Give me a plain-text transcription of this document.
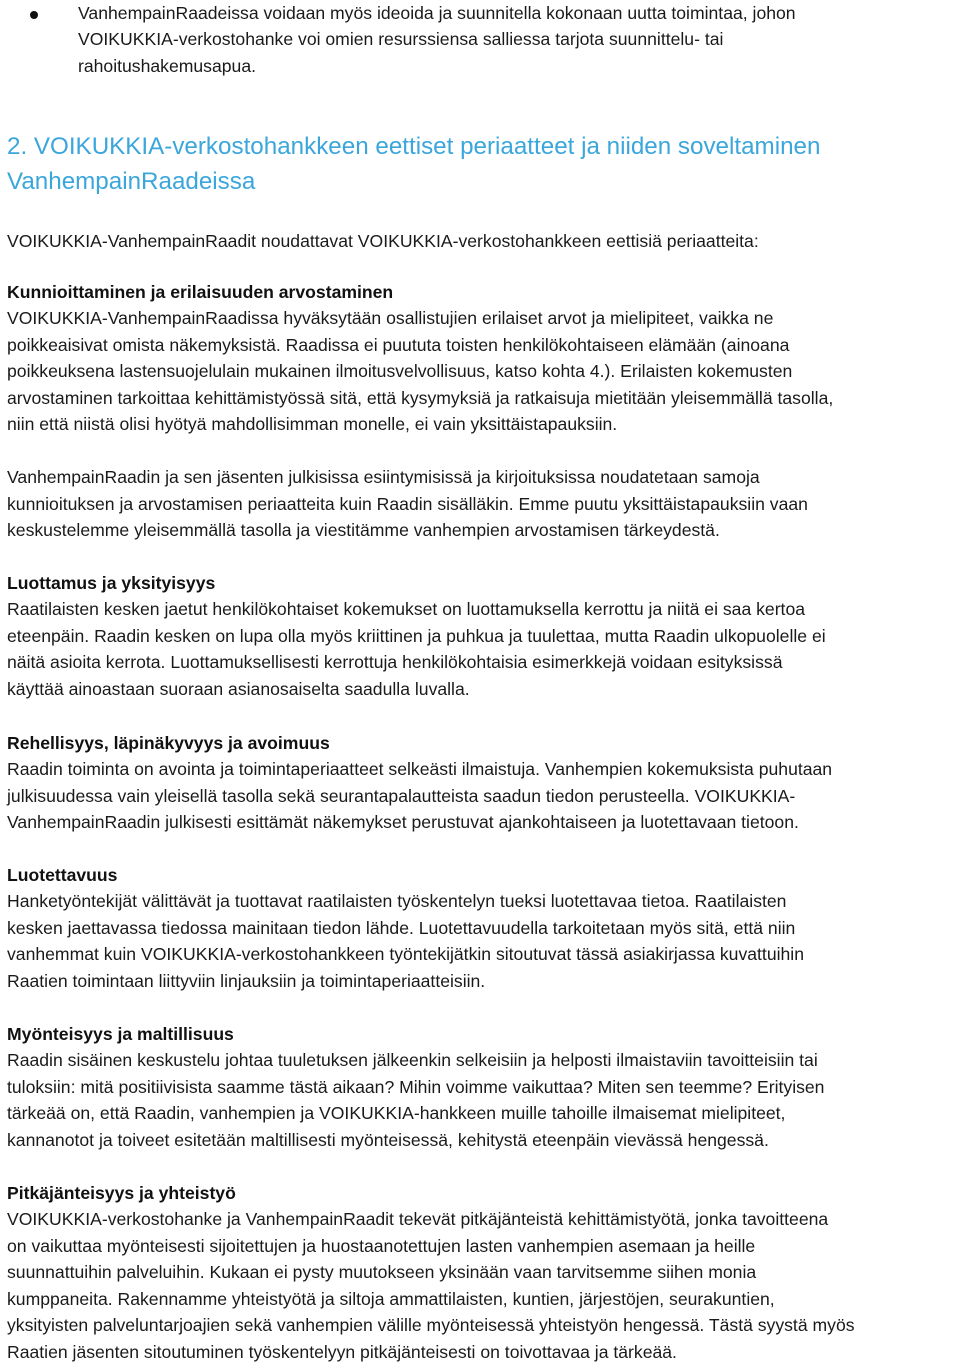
VanhempainRaadeissa voidaan myös ideoida ja suunnitella kokonaan uutta toimintaa, johon
VOIKUKKIA-verkostohanke voi omien resurssiensa salliessa tarjota suunnittelu- tai
rahoitushakemusapua.
2. VOIKUKKIA-verkostohankkeen eettiset periaatteet ja niiden soveltaminen
VanhempainRaadeissa
VOIKUKKIA-VanhempainRaadit noudattavat VOIKUKKIA-verkostohankkeen eettisiä periaatteita:
Kunnioittaminen ja erilaisuuden arvostaminen
VOIKUKKIA-VanhempainRaadissa hyväksytään osallistujien erilaiset arvot ja mielipiteet, vaikka ne
poikkeaisivat omista näkemyksistä. Raadissa ei puututa toisten henkilökohtaiseen elämään (ainoana
poikkeuksena lastensuojelulain mukainen ilmoitusvelvollisuus, katso kohta 4.). Erilaisten kokemusten
arvostaminen tarkoittaa kehittämistyössä sitä, että kysymyksiä ja ratkaisuja mietitään yleisemmällä tasolla,
niin että niistä olisi hyötyä mahdollisimman monelle, ei vain yksittäistapauksiin.
VanhempainRaadin ja sen jäsenten julkisissa esiintymisissä ja kirjoituksissa noudatetaan samoja
kunnioituksen ja arvostamisen periaatteita kuin Raadin sisälläkin. Emme puutu yksittäistapauksiin vaan
keskustelemme yleisemmällä tasolla ja viestitämme vanhempien arvostamisen tärkeydestä.
Luottamus ja yksityisyys
Raatilaisten kesken jaetut henkilökohtaiset kokemukset on luottamuksella kerrottu ja niitä ei saa kertoa
eteenpäin. Raadin kesken on lupa olla myös kriittinen ja puhkua ja tuulettaa, mutta Raadin ulkopuolelle ei
näitä asioita kerrota. Luottamuksellisesti kerrottuja henkilökohtaisia esimerkkejä voidaan esityksissä
käyttää ainoastaan suoraan asianosaiselta saadulla luvalla.
Rehellisyys, läpinäkyvyys ja avoimuus
Raadin toiminta on avointa ja toimintaperiaatteet selkeästi ilmaistuja. Vanhempien kokemuksista puhutaan
julkisuudessa vain yleisellä tasolla sekä seurantapalautteista saadun tiedon perusteella. VOIKUKKIA-
VanhempainRaadin julkisesti esittämät näkemykset perustuvat ajankohtaiseen ja luotettavaan tietoon.
Luotettavuus
Hanketyöntekijät välittävät ja tuottavat raatilaisten työskentelyn tueksi luotettavaa tietoa. Raatilaisten
kesken jaettavassa tiedossa mainitaan tiedon lähde. Luotettavuudella tarkoitetaan myös sitä, että niin
vanhemmat kuin VOIKUKKIA-verkostohankkeen työntekijätkin sitoutuvat tässä asiakirjassa kuvattuihin
Raatien toimintaan liittyviin linjauksiin ja toimintaperiaatteisiin.
Myönteisyys ja maltillisuus
Raadin sisäinen keskustelu johtaa tuuletuksen jälkeenkin selkeisiin ja helposti ilmaistaviin tavoitteisiin tai
tuloksiin: mitä positiivisista saamme tästä aikaan? Mihin voimme vaikuttaa? Miten sen teemme? Erityisen
tärkeää on, että Raadin, vanhempien ja VOIKUKKIA-hankkeen muille tahoille ilmaisemat mielipiteet,
kannanotot ja toiveet esitetään maltillisesti myönteisessä, kehitystä eteenpäin vievässä hengessä.
Pitkäjänteisyys ja yhteistyö
VOIKUKKIA-verkostohanke ja VanhempainRaadit tekevät pitkäjänteistä kehittämistyötä, jonka tavoitteena
on vaikuttaa myönteisesti sijoitettujen ja huostaanotettujen lasten vanhempien asemaan ja heille
suunnattuihin palveluihin. Kukaan ei pysty muutokseen yksinään vaan tarvitsemme siihen monia
kumppaneita. Rakennamme yhteistyötä ja siltoja ammattilaisten, kuntien, järjestöjen, seurakuntien,
yksityisten palveluntarjoajien sekä vanhempien välille myönteisessä yhteistyön hengessä. Tästä syystä myös
Raatien jäsenten sitoutuminen työskentelyyn pitkäjänteisesti on toivottavaa ja tärkeää.
